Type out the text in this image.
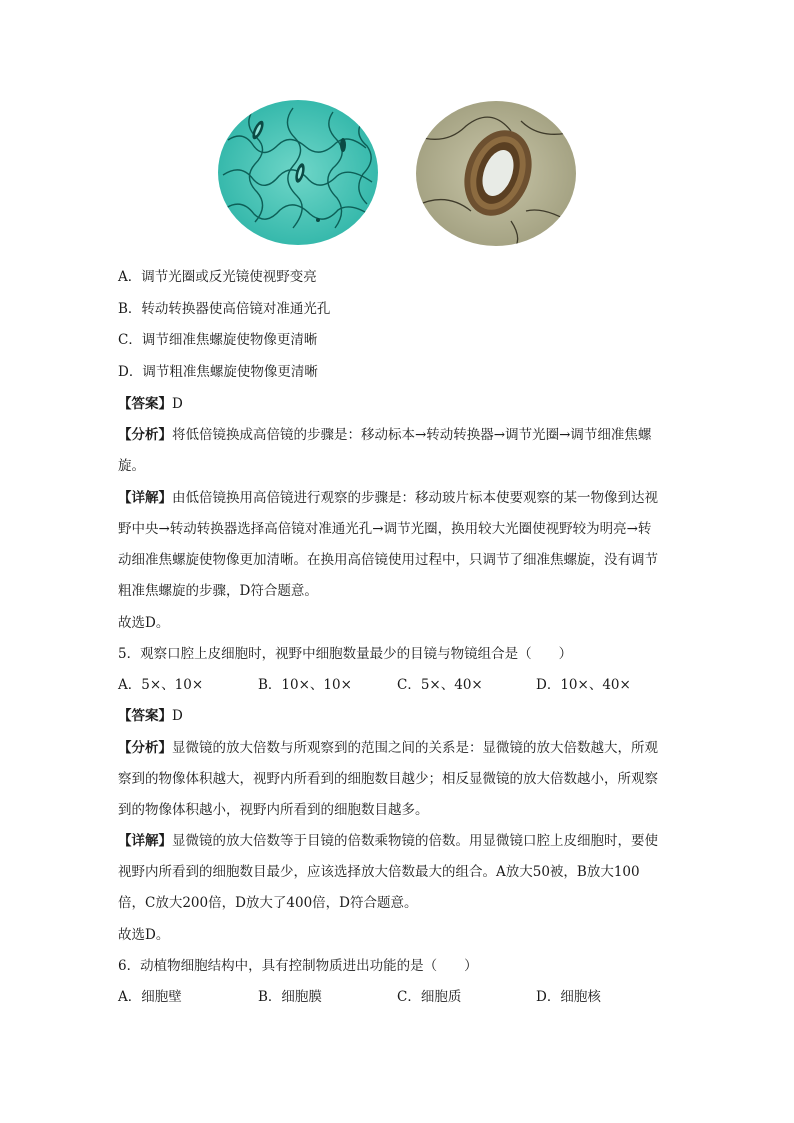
A．调节光圈或反光镜使视野变亮
B．转动转换器使高倍镜对准通光孔
C．调节细准焦螺旋使物像更清晰
D．调节粗准焦螺旋使物像更清晰
【答案】D
【分析】将低倍镜换成高倍镜的步骤是：移动标本→转动转换器→调节光圈→调节细准焦螺
旋。
【详解】由低倍镜换用高倍镜进行观察的步骤是：移动玻片标本使要观察的某一物像到达视
野中央→转动转换器选择高倍镜对准通光孔→调节光圈，换用较大光圈使视野较为明亮→转
动细准焦螺旋使物像更加清晰。在换用高倍镜使用过程中，只调节了细准焦螺旋，没有调节
粗准焦螺旋的步骤，D符合题意。
故选D。
5．观察口腔上皮细胞时，视野中细胞数量最少的目镜与物镜组合是（　　）
A．5×、10×	B．10×、10×	C．5×、40×	D．10×、40×
【答案】D
【分析】显微镜的放大倍数与所观察到的范围之间的关系是：显微镜的放大倍数越大，所观
察到的物像体积越大，视野内所看到的细胞数目越少；相反显微镜的放大倍数越小，所观察
到的物像体积越小，视野内所看到的细胞数目越多。
【详解】显微镜的放大倍数等于目镜的倍数乘物镜的倍数。用显微镜口腔上皮细胞时，要使
视野内所看到的细胞数目最少，应该选择放大倍数最大的组合。A放大50被，B放大100
倍，C放大200倍，D放大了400倍，D符合题意。
故选D。
6．动植物细胞结构中，具有控制物质进出功能的是（　　）
A．细胞壁	B．细胞膜	C．细胞质	D．细胞核
